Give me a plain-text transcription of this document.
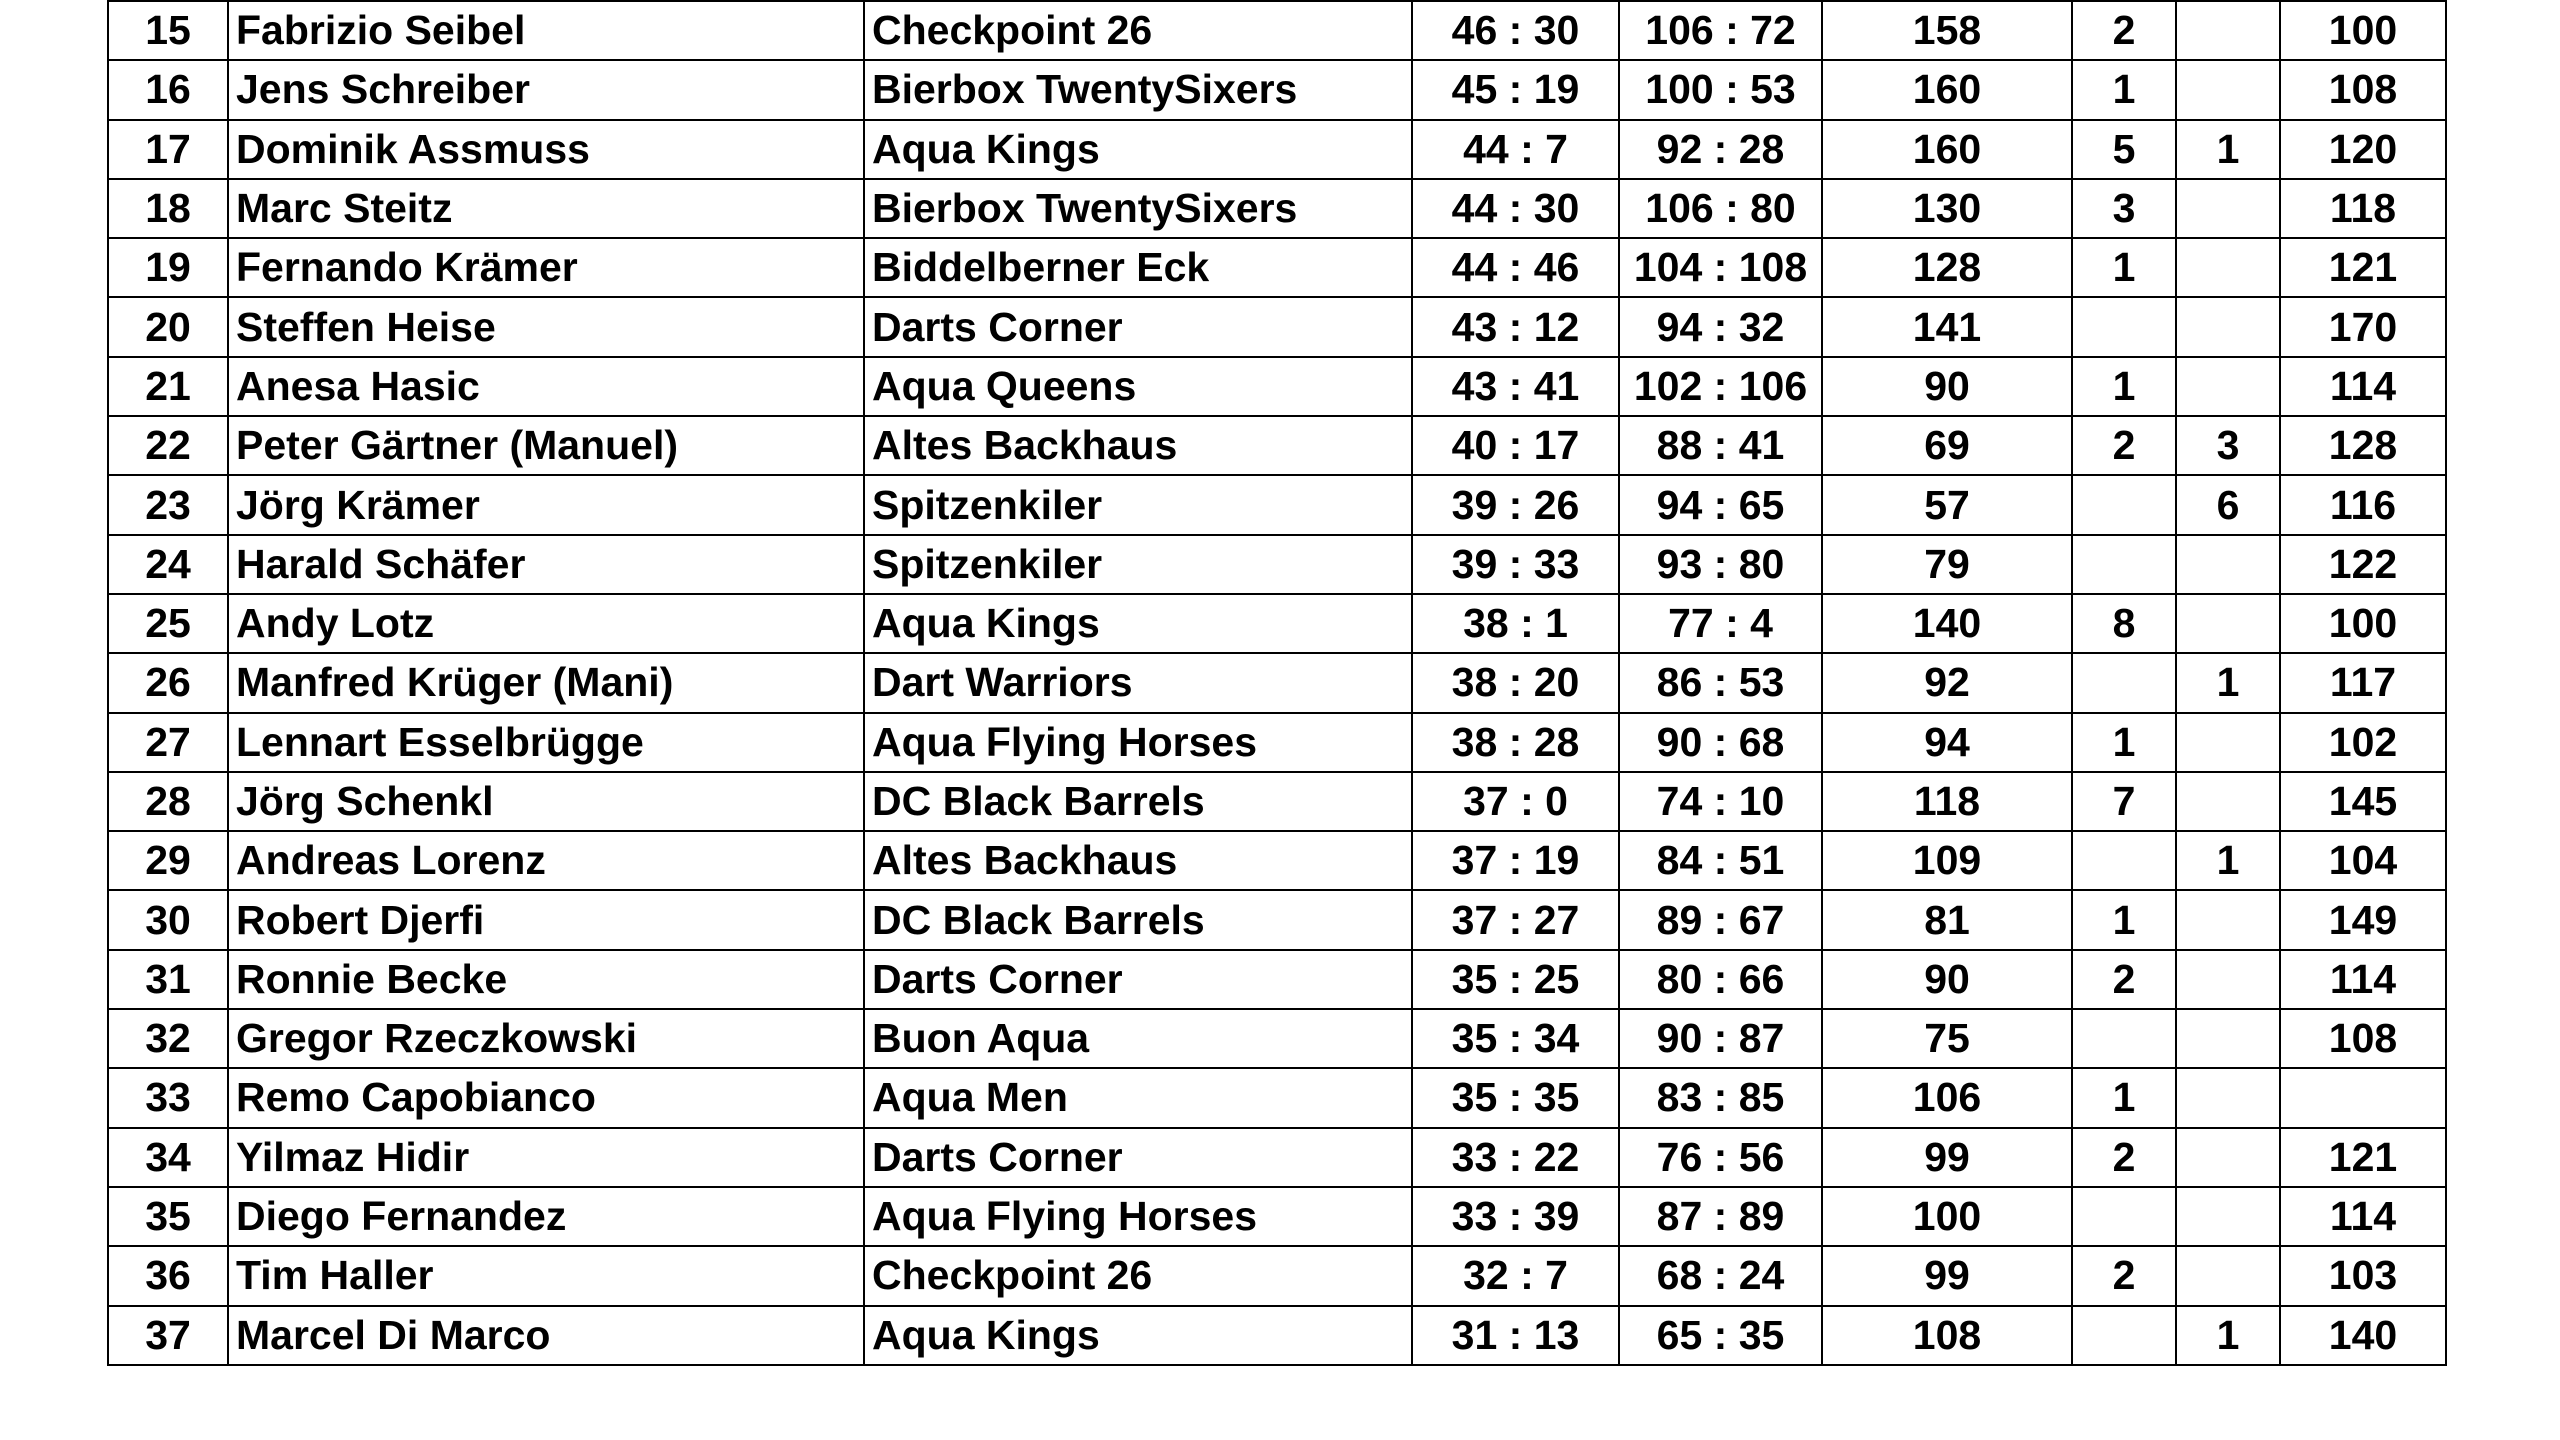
15	Fabrizio Seibel	Checkpoint 26	46 : 30	106 : 72	158	2		100
16	Jens Schreiber	Bierbox TwentySixers	45 : 19	100 : 53	160	1		108
17	Dominik Assmuss	Aqua Kings	44 : 7	92 : 28	160	5	1	120
18	Marc Steitz	Bierbox TwentySixers	44 : 30	106 : 80	130	3		118
19	Fernando Krämer	Biddelberner Eck	44 : 46	104 : 108	128	1		121
20	Steffen Heise	Darts Corner	43 : 12	94 : 32	141			170
21	Anesa Hasic	Aqua Queens	43 : 41	102 : 106	90	1		114
22	Peter Gärtner (Manuel)	Altes Backhaus	40 : 17	88 : 41	69	2	3	128
23	Jörg Krämer	Spitzenkiler	39 : 26	94 : 65	57		6	116
24	Harald Schäfer	Spitzenkiler	39 : 33	93 : 80	79			122
25	Andy Lotz	Aqua Kings	38 : 1	77 : 4	140	8		100
26	Manfred Krüger (Mani)	Dart Warriors	38 : 20	86 : 53	92		1	117
27	Lennart Esselbrügge	Aqua Flying Horses	38 : 28	90 : 68	94	1		102
28	Jörg Schenkl	DC Black Barrels	37 : 0	74 : 10	118	7		145
29	Andreas Lorenz	Altes Backhaus	37 : 19	84 : 51	109		1	104
30	Robert Djerfi	DC Black Barrels	37 : 27	89 : 67	81	1		149
31	Ronnie Becke	Darts Corner	35 : 25	80 : 66	90	2		114
32	Gregor Rzeczkowski	Buon Aqua	35 : 34	90 : 87	75			108
33	Remo Capobianco	Aqua Men	35 : 35	83 : 85	106	1		
34	Yilmaz Hidir	Darts Corner	33 : 22	76 : 56	99	2		121
35	Diego Fernandez	Aqua Flying Horses	33 : 39	87 : 89	100			114
36	Tim Haller	Checkpoint 26	32 : 7	68 : 24	99	2		103
37	Marcel Di Marco	Aqua Kings	31 : 13	65 : 35	108		1	140
